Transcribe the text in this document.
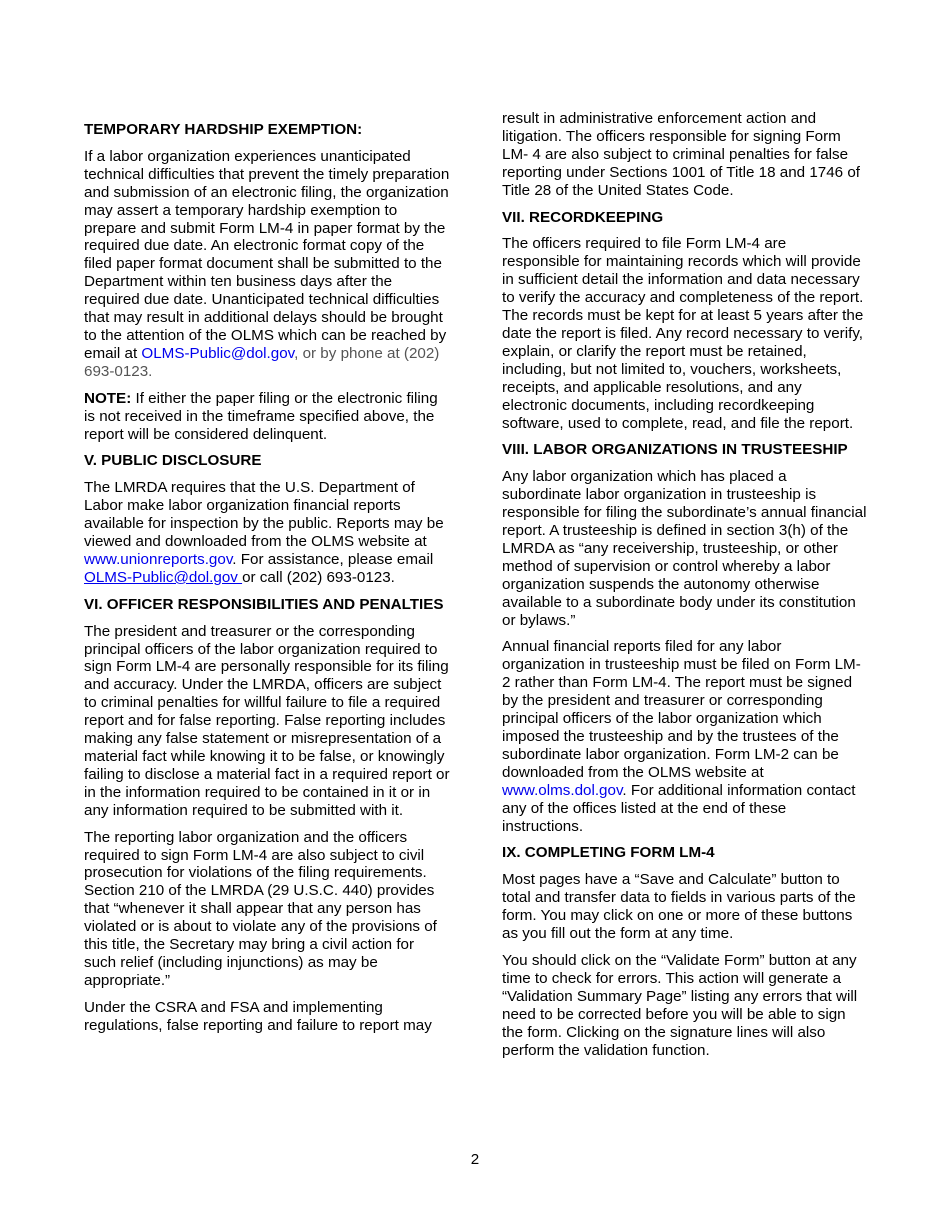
TEMPORARY HARDSHIP EXEMPTION:

If a labor organization experiences unanticipated technical difficulties that prevent the timely preparation and submission of an electronic filing, the organization may assert a temporary hardship exemption to prepare and submit Form LM-4 in paper format by the required due date. An electronic format copy of the filed paper format document shall be submitted to the Department within ten business days after the required due date. Unanticipated technical difficulties that may result in additional delays should be brought to the attention of the OLMS which can be reached by email at OLMS-Public@dol.gov, or by phone at (202) 693-0123.

NOTE: If either the paper filing or the electronic filing is not received in the timeframe specified above, the report will be considered delinquent.

V. PUBLIC DISCLOSURE

The LMRDA requires that the U.S. Department of Labor make labor organization financial reports available for inspection by the public. Reports may be viewed and downloaded from the OLMS website at www.unionreports.gov. For assistance, please email OLMS-Public@dol.gov or call (202) 693-0123.

VI. OFFICER RESPONSIBILITIES AND PENALTIES

The president and treasurer or the corresponding principal officers of the labor organization required to sign Form LM-4 are personally responsible for its filing and accuracy. Under the LMRDA, officers are subject to criminal penalties for willful failure to file a required report and for false reporting. False reporting includes making any false statement or misrepresentation of a material fact while knowing it to be false, or knowingly failing to disclose a material fact in a required report or in the information required to be contained in it or in any information required to be submitted with it.

The reporting labor organization and the officers required to sign Form LM-4 are also subject to civil prosecution for violations of the filing requirements. Section 210 of the LMRDA (29 U.S.C. 440) provides that “whenever it shall appear that any person has violated or is about to violate any of the provisions of this title, the Secretary may bring a civil action for such relief (including injunctions) as may be appropriate.”

Under the CSRA and FSA and implementing regulations, false reporting and failure to report may

result in administrative enforcement action and litigation. The officers responsible for signing Form LM- 4 are also subject to criminal penalties for false reporting under Sections 1001 of Title 18 and 1746 of Title 28 of the United States Code.

VII. RECORDKEEPING

The officers required to file Form LM-4 are responsible for maintaining records which will provide in sufficient detail the information and data necessary to verify the accuracy and completeness of the report. The records must be kept for at least 5 years after the date the report is filed. Any record necessary to verify, explain, or clarify the report must be retained, including, but not limited to, vouchers, worksheets, receipts, and applicable resolutions, and any electronic documents, including recordkeeping software, used to complete, read, and file the report.

VIII. LABOR ORGANIZATIONS IN TRUSTEESHIP

Any labor organization which has placed a subordinate labor organization in trusteeship is responsible for filing the subordinate’s annual financial report. A trusteeship is defined in section 3(h) of the LMRDA as “any receivership, trusteeship, or other method of supervision or control whereby a labor organization suspends the autonomy otherwise available to a subordinate body under its constitution or bylaws.”

Annual financial reports filed for any labor organization in trusteeship must be filed on Form LM-2 rather than Form LM-4. The report must be signed by the president and treasurer or corresponding principal officers of the labor organization which imposed the trusteeship and by the trustees of the subordinate labor organization. Form LM-2 can be downloaded from the OLMS website at www.olms.dol.gov. For additional information contact any of the offices listed at the end of these instructions.

IX. COMPLETING FORM LM-4

Most pages have a “Save and Calculate” button to total and transfer data to fields in various parts of the form. You may click on one or more of these buttons as you fill out the form at any time.

You should click on the “Validate Form” button at any time to check for errors. This action will generate a “Validation Summary Page” listing any errors that will need to be corrected before you will be able to sign the form. Clicking on the signature lines will also perform the validation function.

2
